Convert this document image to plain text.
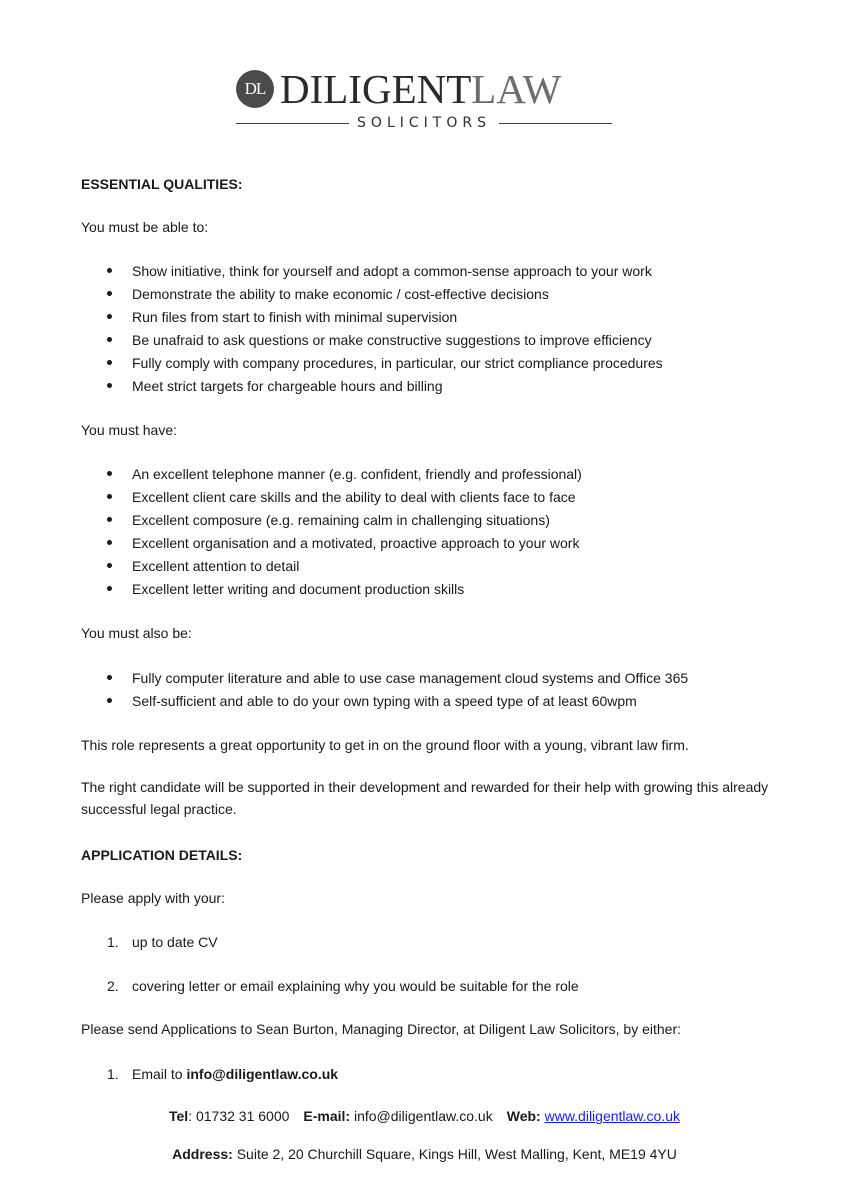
DL DILIGENTLAW
SOLICITORS
ESSENTIAL QUALITIES:
You must be able to:
Show initiative, think for yourself and adopt a common-sense approach to your work
Demonstrate the ability to make economic / cost-effective decisions
Run files from start to finish with minimal supervision
Be unafraid to ask questions or make constructive suggestions to improve efficiency
Fully comply with company procedures, in particular, our strict compliance procedures
Meet strict targets for chargeable hours and billing
You must have:
An excellent telephone manner (e.g. confident, friendly and professional)
Excellent client care skills and the ability to deal with clients face to face
Excellent composure (e.g. remaining calm in challenging situations)
Excellent organisation and a motivated, proactive approach to your work
Excellent attention to detail
Excellent letter writing and document production skills
You must also be:
Fully computer literature and able to use case management cloud systems and Office 365
Self-sufficient and able to do your own typing with a speed type of at least 60wpm
This role represents a great opportunity to get in on the ground floor with a young, vibrant law firm.
The right candidate will be supported in their development and rewarded for their help with growing this already successful legal practice.
APPLICATION DETAILS:
Please apply with your:
1. up to date CV
2. covering letter or email explaining why you would be suitable for the role
Please send Applications to Sean Burton, Managing Director, at Diligent Law Solicitors, by either:
1. Email to info@diligentlaw.co.uk
Tel: 01732 31 6000 E-mail: info@diligentlaw.co.uk Web: www.diligentlaw.co.uk
Address: Suite 2, 20 Churchill Square, Kings Hill, West Malling, Kent, ME19 4YU
